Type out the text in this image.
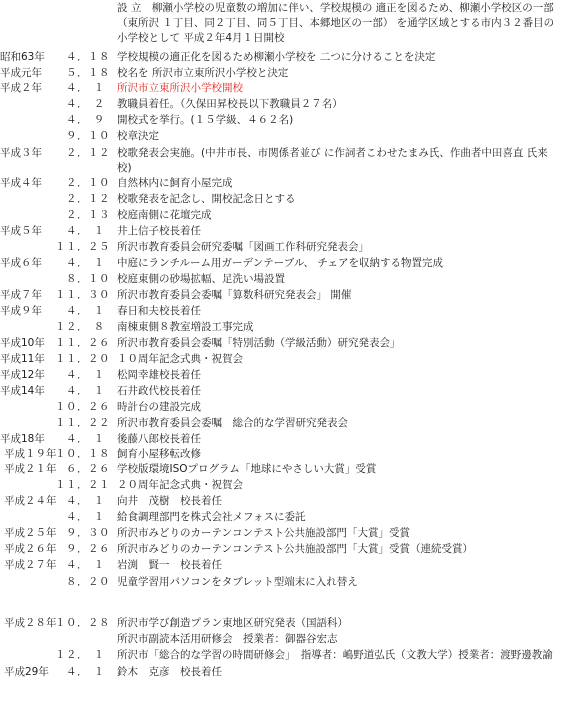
設 立　柳瀬小学校の児童数の増加に伴い、学校規模の 適正を図るため、柳瀬小学校区の一部 （東所沢 １丁目、同２丁目、同５丁目、本郷地区の一部） を通学区域とする市内３２番目の 小学校として 平成２年4月１日開校
昭和63年 ４．１８ 学校規模の適正化を図るため柳瀬小学校を 二つに分けることを決定
平成元年 ５．１８ 校名を 所沢市立東所沢小学校と決定
平成２年 ４．　１ 所沢市立東所沢小学校開校
４．　２ 教職員着任。（久保田昇校長以下教職員２７名）
４．　９ 開校式を挙行。(１５学級、４６２名)
９．１０ 校章決定
平成３年 ２．１２ 校歌発表会実施。(中井市長、市関係者並び に作詞者こわせたまみ氏、作曲者中田喜直 氏来校)
平成４年 ２．１０ 自然林内に飼育小屋完成
２．１２ 校歌発表を記念し、開校記念日とする
２．１３ 校庭南側に花壇完成
平成５年 ４．　１ 井上信子校長着任
１１．２５ 所沢市教育委員会研究委嘱「図画工作科研究発表会」
平成６年 ４．　１ 中庭にランチルーム用ガーデンテーブル、 チェアを収納する物置完成
８．１０ 校庭東側の砂場拡幅、足洗い場設置
平成７年 １１．３０ 所沢市教育委員会委嘱「算数科研究発表会」 開催
平成９年 ４．　１ 春日和夫校長着任
１２．　８ 南棟東側８教室増設工事完成
平成10年 １１．２６ 所沢市教育委員会委嘱「特別活動（学級活動）研究発表会」
平成11年 １１．２０ １０周年記念式典・祝賀会
平成12年 ４．　１ 松岡幸雄校長着任
平成14年 ４．　１ 石井政代校長着任
１０．２６ 時計台の建設完成
１１．２２ 所沢市教育委員会委嘱　総合的な学習研究発表会
平成18年 ４．　１ 後藤八郎校長着任
平成１９年
１０．１８ 飼育小屋移転改修
平成２１年 ６．２６ 学校版環境ISOプログラム「地球にやさしい大賞」受賞
１１．２１ ２０周年記念式典・祝賀会
平成２４年 ４．　１ 向井　茂樹　校長着任
４．　１ 給食調理部門を株式会社メフォスに委託
平成２５年 ９．３０ 所沢市みどりのカーテンコンテスト公共施設部門「大賞」受賞
平成２６年 ９．２６ 所沢市みどりのカーテンコンテスト公共施設部門「大賞」受賞（連続受賞）
平成２７年 ４．　１ 岩渕　賢一　校長着任
８．２０ 児童学習用パソコンをタブレット型端末に入れ替え
平成２８年
１０．２８ 所沢市学び創造プラン東地区研究発表（国語科）
所沢市副読本活用研修会　授業者：御器谷宏志
１２．　１ 所沢市「総合的な学習の時間研修会」　指導者：嶋野道弘氏（文教大学）授業者：渡野邊教諭
平成29年 ４．　１ 鈴木　克彦　校長着任
